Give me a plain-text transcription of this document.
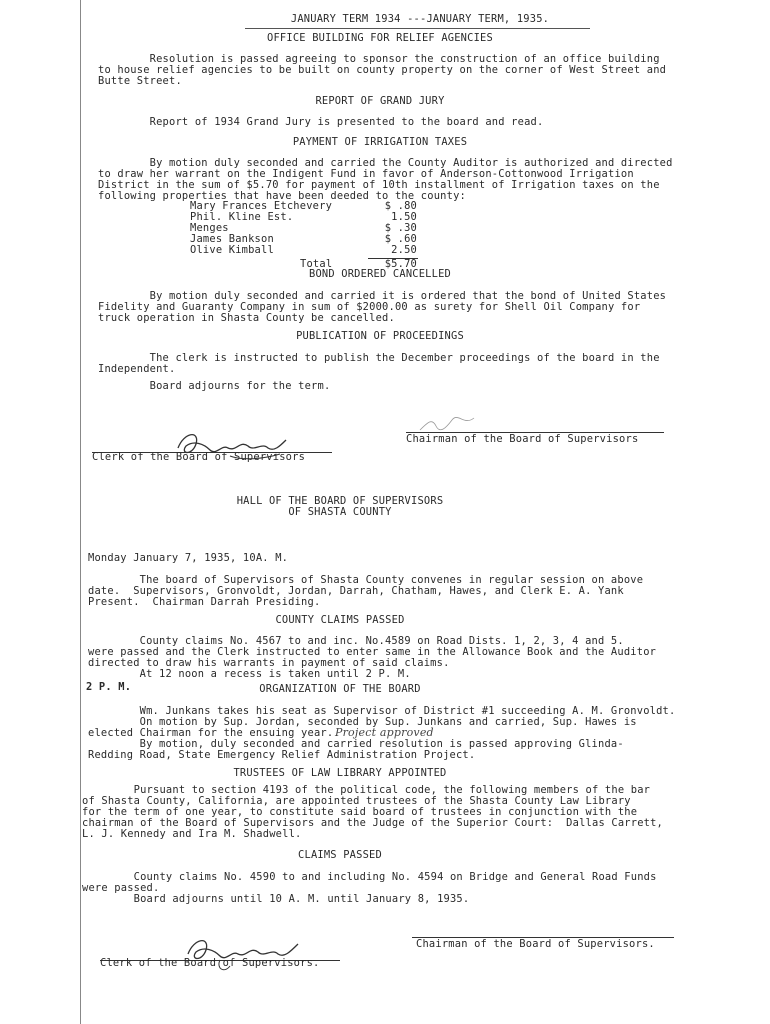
JANUARY TERM 1934 ---JANUARY TERM, 1935.
OFFICE BUILDING FOR RELIEF AGENCIES
Resolution is passed agreeing to sponsor the construction of an office building
to house relief agencies to be built on county property on the corner of West Street and
Butte Street.
REPORT OF GRAND JURY
Report of 1934 Grand Jury is presented to the board and read.
PAYMENT OF IRRIGATION TAXES
By motion duly seconded and carried the County Auditor is authorized and directed
to draw her warrant on the Indigent Fund in favor of Anderson-Cottonwood Irrigation
District in the sum of $5.70 for payment of 10th installment of Irrigation taxes on the
following properties that have been deeded to the county:
Mary Frances Etchevery	$ .80
Phil. Kline Est.	1.50
Menges	$ .30
James Bankson	$ .60
Olive Kimball	2.50
Total	$5.70
BOND ORDERED CANCELLED
By motion duly seconded and carried it is ordered that the bond of United States
Fidelity and Guaranty Company in sum of $2000.00 as surety for Shell Oil Company for
truck operation in Shasta County be cancelled.
PUBLICATION OF PROCEEDINGS
The clerk is instructed to publish the December proceedings of the board in the
Independent.
Board adjourns for the term.
Chairman of the Board of Supervisors
Clerk of the Board of Supervisors
HALL OF THE BOARD OF SUPERVISORS
OF SHASTA COUNTY
Monday January 7, 1935, 10A. M.
The board of Supervisors of Shasta County convenes in regular session on above
date.  Supervisors, Gronvoldt, Jordan, Darrah, Chatham, Hawes, and Clerk E. A. Yank
Present.  Chairman Darrah Presiding.
COUNTY CLAIMS PASSED
County claims No. 4567 to and inc. No.4589 on Road Dists. 1, 2, 3, 4 and 5.
were passed and the Clerk instructed to enter same in the Allowance Book and the Auditor
directed to draw his warrants in payment of said claims.
At 12 noon a recess is taken until 2 P. M.
2 P. M.	ORGANIZATION OF THE BOARD
Wm. Junkans takes his seat as Supervisor of District #1 succeeding A. M. Gronvoldt.
On motion by Sup. Jordan, seconded by Sup. Junkans and carried, Sup. Hawes is
elected Chairman for the ensuing year.
By motion, duly seconded and carried resolution is passed approving Glinda-
Redding Road, State Emergency Relief Administration Project.
Project approved
TRUSTEES OF LAW LIBRARY APPOINTED
Pursuant to section 4193 of the political code, the following members of the bar
of Shasta County, California, are appointed trustees of the Shasta County Law Library
for the term of one year, to constitute said board of trustees in conjunction with the
chairman of the Board of Supervisors and the Judge of the Superior Court:  Dallas Carrett,
L. J. Kennedy and Ira M. Shadwell.
CLAIMS PASSED
County claims No. 4590 to and including No. 4594 on Bridge and General Road Funds
were passed.
Board adjourns until 10 A. M. until January 8, 1935.
Chairman of the Board of Supervisors.
Clerk of the Board of Supervisors.
